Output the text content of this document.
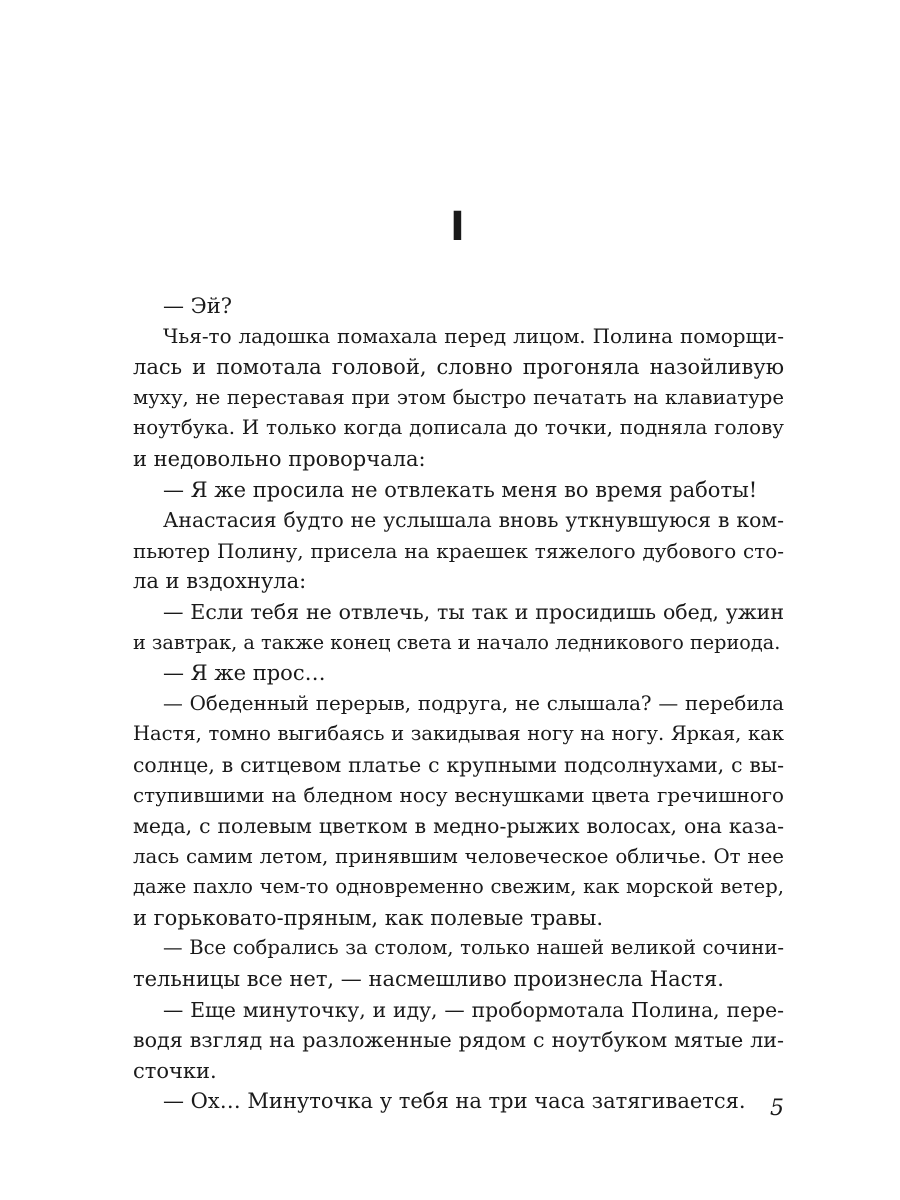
I
— Эй?
Чья-то ладошка помахала перед лицом. Полина поморщи-
лась и помотала головой, словно прогоняла назойливую
муху, не переставая при этом быстро печатать на клавиатуре
ноутбука. И только когда дописала до точки, подняла голову
и недовольно проворчала:
— Я же просила не отвлекать меня во время работы!
Анастасия будто не услышала вновь уткнувшуюся в ком-
пьютер Полину, присела на краешек тяжелого дубового сто-
ла и вздохнула:
— Если тебя не отвлечь, ты так и просидишь обед, ужин
и завтрак, а также конец света и начало ледникового периода.
— Я же прос…
— Обеденный перерыв, подруга, не слышала? — перебила
Настя, томно выгибаясь и закидывая ногу на ногу. Яркая, как
солнце, в ситцевом платье с крупными подсолнухами, с вы-
ступившими на бледном носу веснушками цвета гречишного
меда, с полевым цветком в медно-рыжих волосах, она каза-
лась самим летом, принявшим человеческое обличье. От нее
даже пахло чем-то одновременно свежим, как морской ветер,
и горьковато-пряным, как полевые травы.
— Все собрались за столом, только нашей великой сочини-
тельницы все нет, — насмешливо произнесла Настя.
— Еще минуточку, и иду, — пробормотала Полина, пере-
водя взгляд на разложенные рядом с ноутбуком мятые ли-
сточки.
— Ох… Минуточка у тебя на три часа затягивается.	5
